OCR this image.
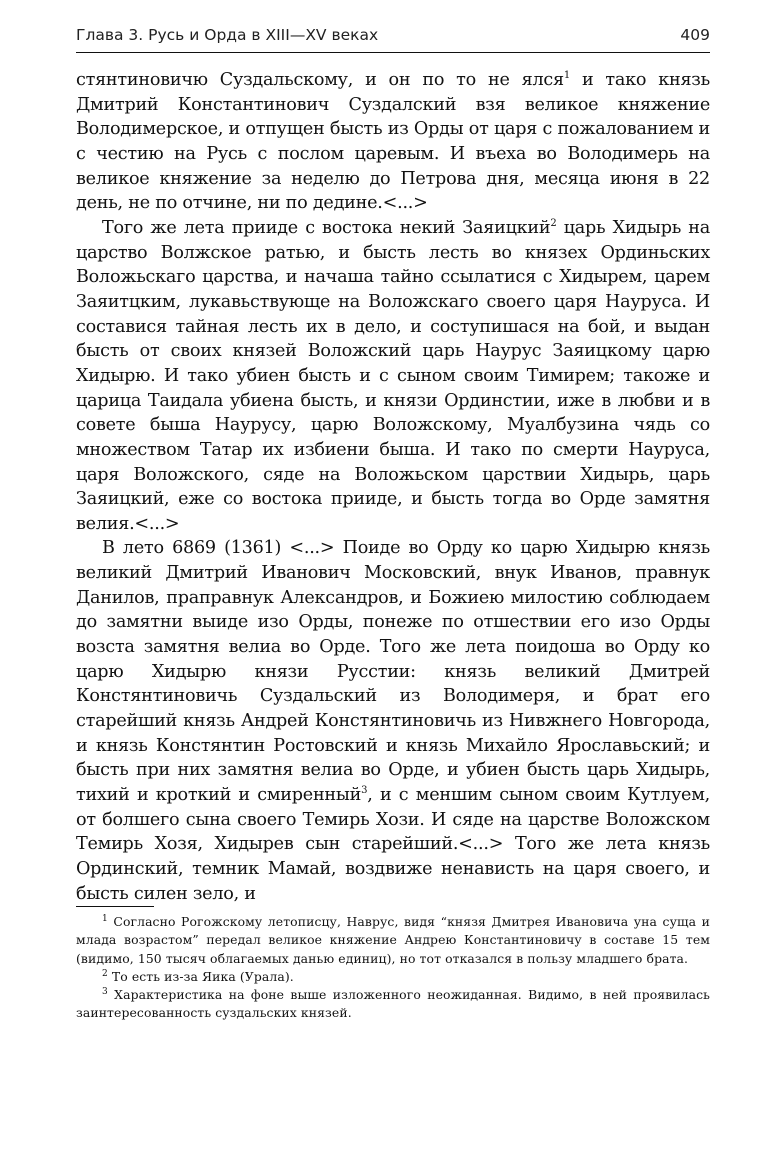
Глава 3. Русь и Орда в XIII—XV веках	409

стянтиновичю Суздальскому, и он по то не ялся$^1$ и тако князь Дмитрий Константинович Суздалский взя великое княжение Володимерское, и отпущен бысть из Орды от царя с пожалованием и с честию на Русь с послом царевым. И въеха во Володимерь на великое княжение за неделю до Петрова дня, месяца июня в 22 день, не по отчине, ни по дедине.<...>

Того же лета прииде с востока некий Заяицкий$^2$ царь Хидырь на царство Волжское ратью, и бысть лесть во князех Ординьских Воложьскаго царства, и начаша тайно ссылатися с Хидырем, царем Заяитцким, лукавьствующе на Воложскаго своего царя Науруса. И составися тайная лесть их в дело, и соступишася на бой, и выдан бысть от своих князей Воложский царь Наурус Заяицкому царю Хидырю. И тако убиен бысть и с сыном своим Тимирем; такоже и царица Таидала убиена бысть, и князи Ординстии, иже в любви и в совете быша Наурусу, царю Воложскому, Муалбузина чядь со множеством Татар их избиени быша. И тако по смерти Науруса, царя Воложского, сяде на Воложьском царствии Хидырь, царь Заяицкий, еже со востока прииде, и бысть тогда во Орде замятня велия.<...>

В лето 6869 (1361) <...> Поиде во Орду ко царю Хидырю князь великий Дмитрий Иванович Московский, внук Иванов, правнук Данилов, праправнук Александров, и Божиею милостию соблюдаем до замятни выиде изо Орды, понеже по отшествии его изо Орды возста замятня велиа во Орде. Того же лета поидоша во Орду ко царю Хидырю князи Русстии: князь великий Дмитрей Констянтиновичь Суздальский из Володимеря, и брат его старейший князь Андрей Констянтиновичь из Нивжнего Новгорода, и князь Констянтин Ростовский и князь Михайло Ярославьский; и бысть при них замятня велиа во Орде, и убиен бысть царь Хидырь, тихий и кроткий и смиренный$^3$, и с меншим сыном своим Кутлуем, от болшего сына своего Темирь Хози. И сяде на царстве Воложском Темирь Хозя, Хидырев сын старейший.<...> Того же лета князь Ординский, темник Мамай, воздвиже ненависть на царя своего, и бысть силен зело, и

$^1$ Согласно Рогожскому летописцу, Наврус, видя “князя Дмитрея Ивановича уна суща и млада возрастом” передал великое княжение Андрею Константиновичу в составе 15 тем (видимо, 150 тысяч облагаемых данью единиц), но тот отказался в пользу младшего брата.

$^2$ То есть из-за Яика (Урала).

$^3$ Характеристика на фоне выше изложенного неожиданная. Видимо, в ней проявилась заинтересованность суздальских князей.
